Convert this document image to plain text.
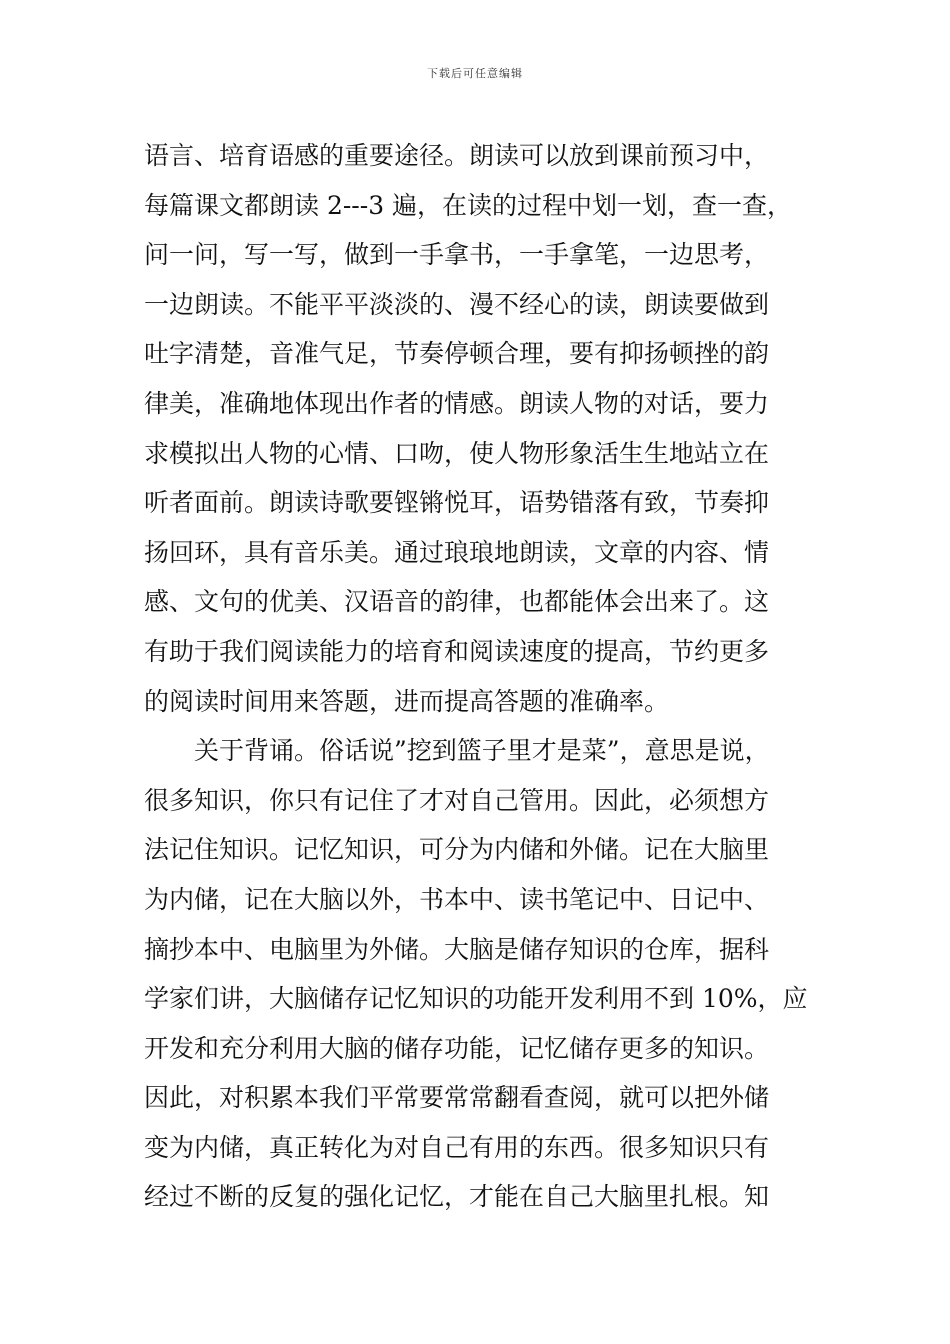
下载后可任意编辑
语言、培育语感的重要途径。朗读可以放到课前预习中，
每篇课文都朗读 2---3 遍，在读的过程中划一划，查一查，
问一问，写一写，做到一手拿书，一手拿笔，一边思考，
一边朗读。不能平平淡淡的、漫不经心的读，朗读要做到
吐字清楚，音准气足，节奏停顿合理，要有抑扬顿挫的韵
律美，准确地体现出作者的情感。朗读人物的对话，要力
求模拟出人物的心情、口吻，使人物形象活生生地站立在
听者面前。朗读诗歌要铿锵悦耳，语势错落有致，节奏抑
扬回环，具有音乐美。通过琅琅地朗读，文章的内容、情
感、文句的优美、汉语音的韵律，也都能体会出来了。这
有助于我们阅读能力的培育和阅读速度的提高，节约更多
的阅读时间用来答题，进而提高答题的准确率。
关于背诵。俗话说”挖到篮子里才是菜”，意思是说，
很多知识，你只有记住了才对自己管用。因此，必须想方
法记住知识。记忆知识，可分为内储和外储。记在大脑里
为内储，记在大脑以外，书本中、读书笔记中、日记中、
摘抄本中、电脑里为外储。大脑是储存知识的仓库，据科
学家们讲，大脑储存记忆知识的功能开发利用不到 10%，应
开发和充分利用大脑的储存功能，记忆储存更多的知识。
因此，对积累本我们平常要常常翻看查阅，就可以把外储
变为内储，真正转化为对自己有用的东西。很多知识只有
经过不断的反复的强化记忆，才能在自己大脑里扎根。知
